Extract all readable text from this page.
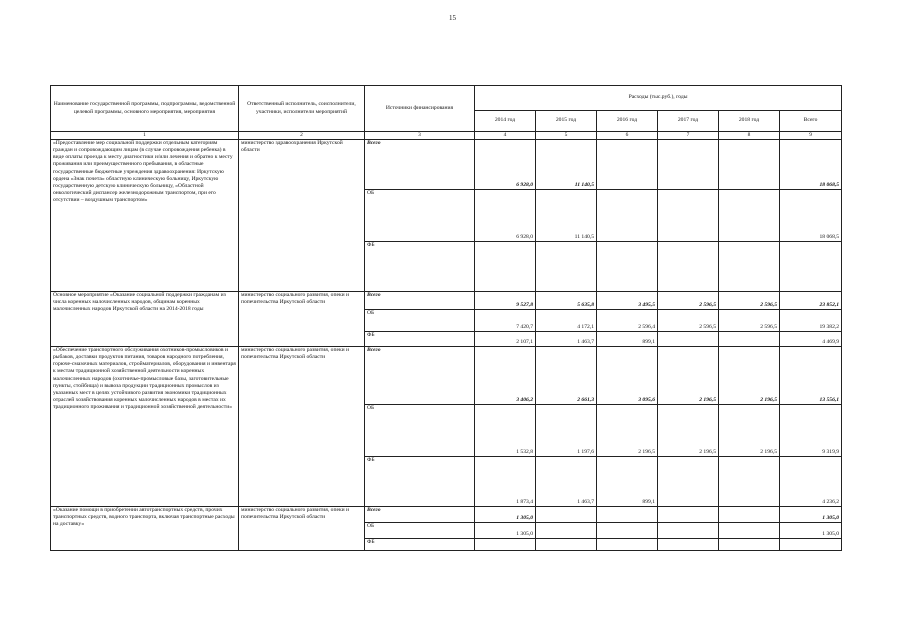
15
Наименование государственной программы, подпрограммы, ведомственной целевой программы, основного мероприятия, мероприятия	Ответственный исполнитель, соисполнители, участники, исполнители мероприятий	Источники финансирования	Расходы (тыс.руб.), годы					
			2014 год	2015 год	2016 год	2017 год	2018 год	Всего
1	2	3	4	5	6	7	8	9
«Предоставление мер социальной поддержки отдельным категориям граждан и сопровождающим лицам (в случае сопровождения ребенка) в виде оплаты проезда к месту диагностики и/или лечения и обратно к месту проживания или преимущественного пребывания, в областные государственные бюджетные учреждения здравоохранения: Иркутскую ордена «Знак почета» областную клиническую больницу, Иркутскую государственную детскую клиническую больницу, «Областной онкологический диспансер железнодорожным транспортом, при его отсутствии – воздушным транспортом»	министерство здравоохранения Иркутской области	Всего	6 928,0	11 140,5				18 068,5
		ОБ	6 928,0	11 140,5				18 068,5
		ФБ						
Основное мероприятие «Оказание социальной поддержки гражданам из числа коренных малочисленных народов, общинам коренных малочисленных народов Иркутской области на 2014-2018 годы	министерство социального развития, опеки и попечительства Иркутской области	Всего	9 527,8	5 635,8	3 495,5	2 596,5	2 596,5	23 852,1
		ОБ	7 420,7	4 172,1	2 596,4	2 596,5	2 596,5	19 382,2
		ФБ	2 107,1	1 463,7	899,1			4 469,9
«Обеспечение транспортного обслуживания охотников-промысловиков и рыбаков, доставки продуктов питания, товаров народного потребления, горюче-смазочных материалов, стройматериалов, оборудования и инвентаря к местам традиционной хозяйственной деятельности коренных малочисленных народов (охотничье-промысловые базы, заготовительные пункты, стойбища) и вывоза продукции традиционных промыслов из указанных мест в целях устойчивого развития экономики традиционных отраслей хозяйствования коренных малочисленных народов в местах их традиционного проживания и традиционной хозяйственной деятельности»	министерство социального развития, опеки и попечительства Иркутской области	Всего	3 406,2	2 661,3	3 095,6	2 196,5	2 196,5	13 556,1
		ОБ	1 532,8	1 197,6	2 196,5	2 196,5	2 196,5	9 319,9
		ФБ	1 873,4	1 463,7	899,1			4 236,2
«Оказание помощи в приобретении автотранспортных средств, прочих транспортных средств, водного транспорта, включая транспортные расходы на доставку»	министерство социального развития, опеки и попечительства Иркутской области	Всего	1 305,0					1 305,0
		ОБ	1 305,0					1 305,0
		ФБ						
